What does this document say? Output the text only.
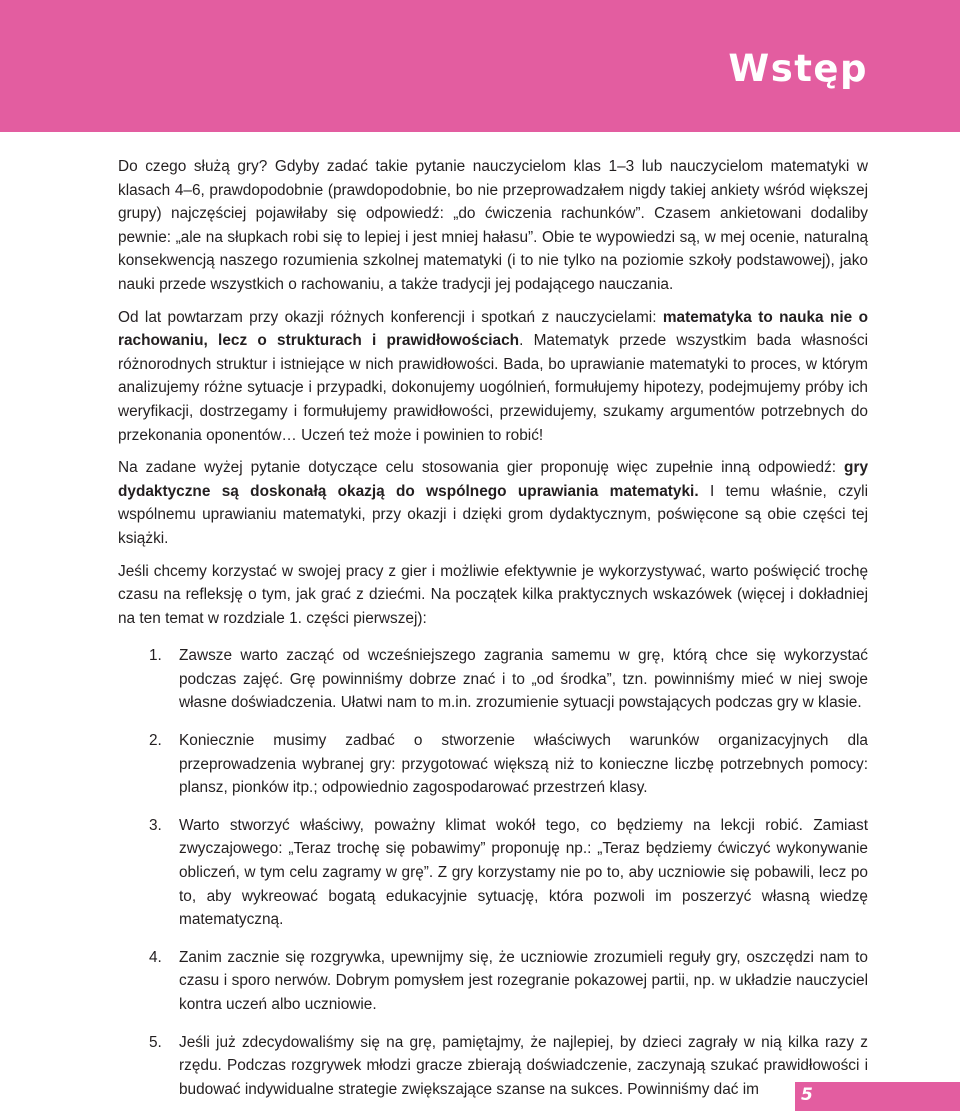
Wstęp

Do czego służą gry? Gdyby zadać takie pytanie nauczycielom klas 1–3 lub nauczycielom matematyki w klasach 4–6, prawdopodobnie (prawdopodobnie, bo nie przeprowadzałem nigdy takiej ankiety wśród większej grupy) najczęściej pojawiłaby się odpowiedź: „do ćwiczenia rachunków”. Czasem ankietowani dodaliby pewnie: „ale na słupkach robi się to lepiej i jest mniej hałasu”. Obie te wypowiedzi są, w mej ocenie, naturalną konsekwencją naszego rozumienia szkolnej matematyki (i to nie tylko na poziomie szkoły podstawowej), jako nauki przede wszystkich o rachowaniu, a także tradycji jej podającego nauczania.

Od lat powtarzam przy okazji różnych konferencji i spotkań z nauczycielami: matematyka to nauka nie o rachowaniu, lecz o strukturach i prawidłowościach. Matematyk przede wszystkim bada własności różnorodnych struktur i istniejące w nich prawidłowości. Bada, bo uprawianie matematyki to proces, w którym analizujemy różne sytuacje i przypadki, dokonujemy uogólnień, formułujemy hipotezy, podejmujemy próby ich weryfikacji, dostrzegamy i formułujemy prawidłowości, przewidujemy, szukamy argumentów potrzebnych do przekonania oponentów… Uczeń też może i powinien to robić!

Na zadane wyżej pytanie dotyczące celu stosowania gier proponuję więc zupełnie inną odpowiedź: gry dydaktyczne są doskonałą okazją do wspólnego uprawiania matematyki. I temu właśnie, czyli wspólnemu uprawianiu matematyki, przy okazji i dzięki grom dydaktycznym, poświęcone są obie części tej książki.

Jeśli chcemy korzystać w swojej pracy z gier i możliwie efektywnie je wykorzystywać, warto poświęcić trochę czasu na refleksję o tym, jak grać z dziećmi. Na początek kilka praktycznych wskazówek (więcej i dokładniej na ten temat w rozdziale 1. części pierwszej):

1. Zawsze warto zacząć od wcześniejszego zagrania samemu w grę, którą chce się wykorzystać podczas zajęć. Grę powinniśmy dobrze znać i to „od środka”, tzn. powinniśmy mieć w niej swoje własne doświadczenia. Ułatwi nam to m.in. zrozumienie sytuacji powstających podczas gry w klasie.
2. Koniecznie musimy zadbać o stworzenie właściwych warunków organizacyjnych dla przeprowadzenia wybranej gry: przygotować większą niż to konieczne liczbę potrzebnych pomocy: plansz, pionków itp.; odpowiednio zagospodarować przestrzeń klasy.
3. Warto stworzyć właściwy, poważny klimat wokół tego, co będziemy na lekcji robić. Zamiast zwyczajowego: „Teraz trochę się pobawimy” proponuję np.: „Teraz będziemy ćwiczyć wykonywanie obliczeń, w tym celu zagramy w grę”. Z gry korzystamy nie po to, aby uczniowie się pobawili, lecz po to, aby wykreować bogatą edukacyjnie sytuację, która pozwoli im poszerzyć własną wiedzę matematyczną.
4. Zanim zacznie się rozgrywka, upewnijmy się, że uczniowie zrozumieli reguły gry, oszczędzi nam to czasu i sporo nerwów. Dobrym pomysłem jest rozegranie pokazowej partii, np. w układzie nauczyciel kontra uczeń albo uczniowie.
5. Jeśli już zdecydowaliśmy się na grę, pamiętajmy, że najlepiej, by dzieci zagrały w nią kilka razy z rzędu. Podczas rozgrywek młodzi gracze zbierają doświadczenie, zaczynają szukać prawidłowości i budować indywidualne strategie zwiększające szanse na sukces. Powinniśmy dać im	5
